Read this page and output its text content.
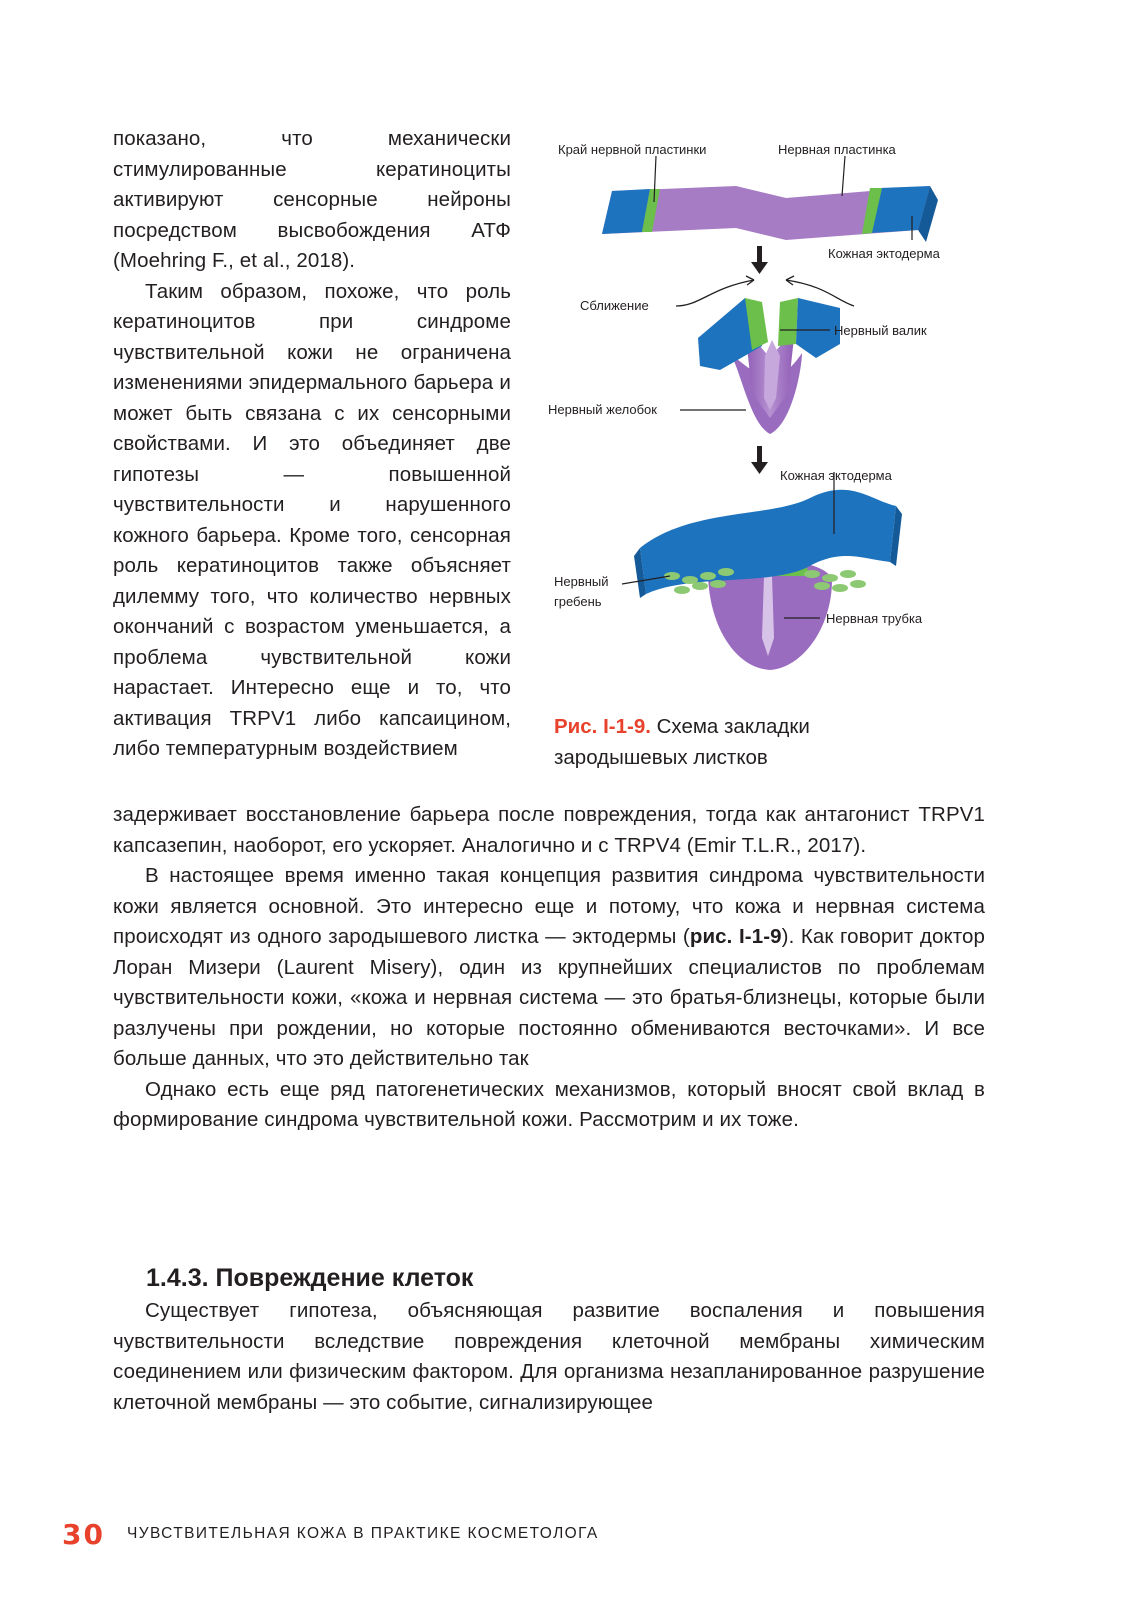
показано, что механически стимулированные кератиноциты активируют сенсорные нейроны посредством высвобождения АТФ (Moehring F., et al., 2018).

Таким образом, похоже, что роль кератиноцитов при синдроме чувствительной кожи не ограничена изменениями эпидермального барьера и может быть связана с их сенсорными свойствами. И это объединяет две гипотезы — повышенной чувствительности и нарушенного кожного барьера. Кроме того, сенсорная роль кератиноцитов также объясняет дилемму того, что количество нервных окончаний с возрастом уменьшается, а проблема чувствительной кожи нарастает. Интересно еще и то, что активация TRPV1 либо капсаицином, либо температурным воздействием

Край нервной пластинки	Нервная пластинка
Кожная эктодерма
Сближение
Нервный валик
Нервный желобок
Кожная эктодерма
Нервный
гребень
Нервная трубка
Рис. I-1-9. Схема закладки зародышевых листков

задерживает восстановление барьера после повреждения, тогда как антагонист TRPV1 капсазепин, наоборот, его ускоряет. Аналогично и с TRPV4 (Emir T.L.R., 2017).

В настоящее время именно такая концепция развития синдрома чувствительности кожи является основной. Это интересно еще и потому, что кожа и нервная система происходят из одного зародышевого листка — эктодермы (рис. I-1-9). Как говорит доктор Лоран Мизери (Laurent Misery), один из крупнейших специалистов по проблемам чувствительности кожи, «кожа и нервная система — это братья-близнецы, которые были разлучены при рождении, но которые постоянно обмениваются весточками». И все больше данных, что это действительно так

Однако есть еще ряд патогенетических механизмов, который вносят свой вклад в формирование синдрома чувствительной кожи. Рассмотрим и их тоже.

1.4.3. Повреждение клеток

Существует гипотеза, объясняющая развитие воспаления и повышения чувствительности вследствие повреждения клеточной мембраны химическим соединением или физическим фактором. Для организма незапланированное разрушение клеточной мембраны — это событие, сигнализирующее

30 ЧУВСТВИТЕЛЬНАЯ КОЖА В ПРАКТИКЕ КОСМЕТОЛОГА
